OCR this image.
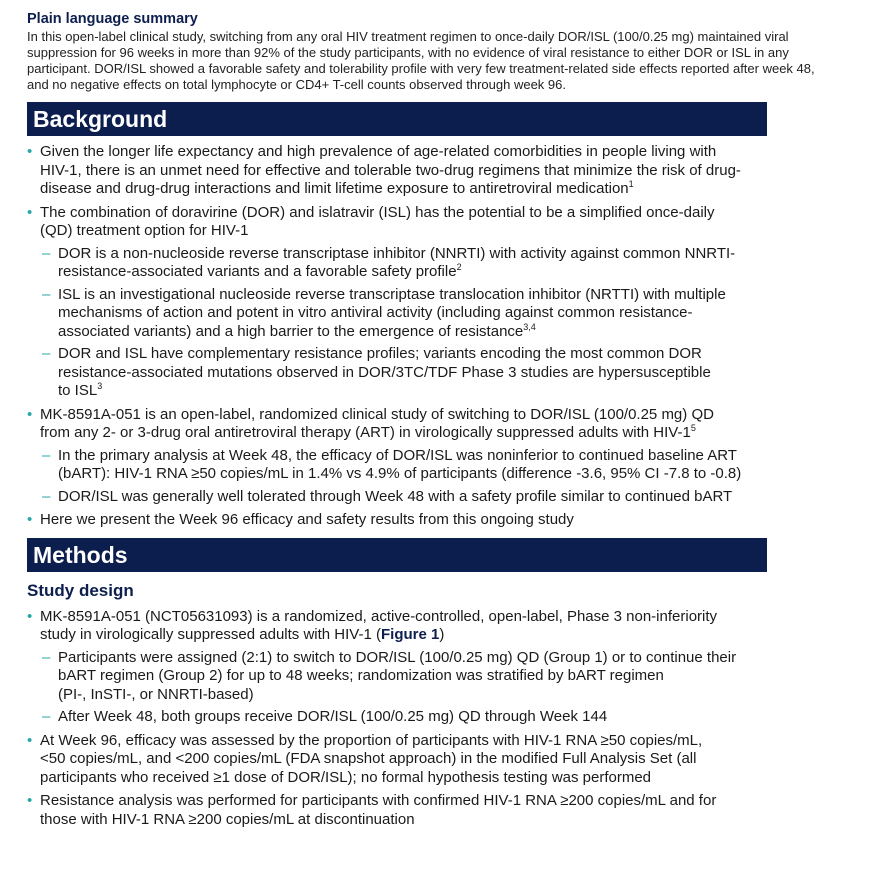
Plain language summary

In this open-label clinical study, switching from any oral HIV treatment regimen to once-daily DOR/ISL (100/0.25 mg) maintained viral
suppression for 96 weeks in more than 92% of the study participants, with no evidence of viral resistance to either DOR or ISL in any
participant. DOR/ISL showed a favorable safety and tolerability profile with very few treatment-related side effects reported after week 48,
and no negative effects on total lymphocyte or CD4+ T-cell counts observed through week 96.

Background
• Given the longer life expectancy and high prevalence of age-related comorbidities in people living with
HIV-1, there is an unmet need for effective and tolerable two-drug regimens that minimize the risk of drug-
disease and drug-drug interactions and limit lifetime exposure to antiretroviral medication$^1$
• The combination of doravirine (DOR) and islatravir (ISL) has the potential to be a simplified once-daily
(QD) treatment option for HIV-1
– DOR is a non-nucleoside reverse transcriptase inhibitor (NNRTI) with activity against common NNRTI-
resistance-associated variants and a favorable safety profile$^2$
– ISL is an investigational nucleoside reverse transcriptase translocation inhibitor (NRTTI) with multiple
mechanisms of action and potent in vitro antiviral activity (including against common resistance-
associated variants) and a high barrier to the emergence of resistance$^{3,4}$
– DOR and ISL have complementary resistance profiles; variants encoding the most common DOR
resistance-associated mutations observed in DOR/3TC/TDF Phase 3 studies are hypersusceptible
to ISL$^3$
• MK-8591A-051 is an open-label, randomized clinical study of switching to DOR/ISL (100/0.25 mg) QD
from any 2- or 3-drug oral antiretroviral therapy (ART) in virologically suppressed adults with HIV-$1^5$
– In the primary analysis at Week 48, the efficacy of DOR/ISL was noninferior to continued baseline ART
(bART): HIV-1 RNA ≥50 copies/mL in 1.4% vs 4.9% of participants (difference -3.6, 95% CI -7.8 to -0.8)
– DOR/ISL was generally well tolerated through Week 48 with a safety profile similar to continued bART
• Here we present the Week 96 efficacy and safety results from this ongoing study
Methods
Study design
• MK-8591A-051 (NCT05631093) is a randomized, active-controlled, open-label, Phase 3 non-inferiority
study in virologically suppressed adults with HIV-1 (Figure 1)
– Participants were assigned (2:1) to switch to DOR/ISL (100/0.25 mg) QD (Group 1) or to continue their
bART regimen (Group 2) for up to 48 weeks; randomization was stratified by bART regimen
(PI-, InSTI-, or NNRTI-based)
– After Week 48, both groups receive DOR/ISL (100/0.25 mg) QD through Week 144
• At Week 96, efficacy was assessed by the proportion of participants with HIV-1 RNA ≥50 copies/mL,
<50 copies/mL, and <200 copies/mL (FDA snapshot approach) in the modified Full Analysis Set (all
participants who received ≥1 dose of DOR/ISL); no formal hypothesis testing was performed
• Resistance analysis was performed for participants with confirmed HIV-1 RNA ≥200 copies/mL and for
those with HIV-1 RNA ≥200 copies/mL at discontinuation
